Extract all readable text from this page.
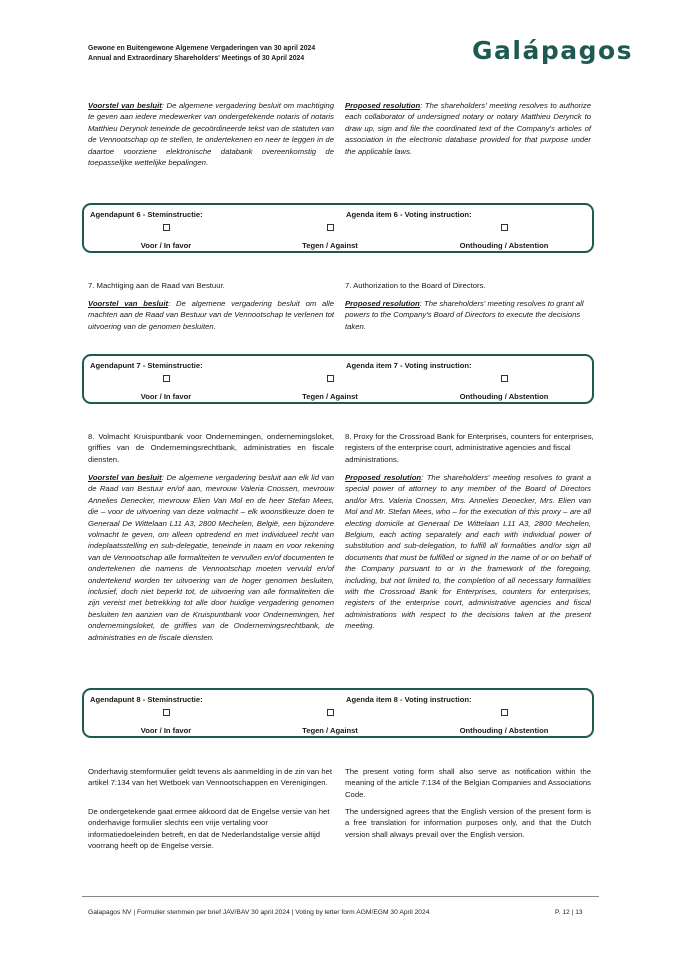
Gewone en Buitengewone Algemene Vergaderingen van 30 april 2024
Annual and Extraordinary Shareholders' Meetings of 30 April 2024	Galápagos
Voorstel van besluit: De algemene vergadering besluit om machtiging te geven aan iedere medewerker van ondergetekende notaris of notaris Matthieu Derynck teneinde de gecoördineerde tekst van de statuten van de Vennootschap op te stellen, te ondertekenen en neer te leggen in de daartoe voorziene elektronische databank overeenkomstig de toepasselijke wettelijke bepalingen.
Proposed resolution: The shareholders' meeting resolves to authorize each collaborator of undersigned notary or notary Matthieu Derynck to draw up, sign and file the coordinated text of the Company's articles of association in the electronic database provided for that purpose under the applicable laws.
Agendapunt 6 - Steminstructie:	Agenda item 6 - Voting instruction:
Voor / In favor	Tegen / Against	Onthouding / Abstention
7. Machtiging aan de Raad van Bestuur.	7. Authorization to the Board of Directors.
Voorstel van besluit: De algemene vergadering besluit om alle machten aan de Raad van Bestuur van de Vennootschap te verlenen tot uitvoering van de genomen besluiten.
Proposed resolution: The shareholders' meeting resolves to grant all powers to the Company's Board of Directors to execute the decisions taken.
Agendapunt 7 - Steminstructie:	Agenda item 7 - Voting instruction:
Voor / In favor	Tegen / Against	Onthouding / Abstention
8. Volmacht Kruispuntbank voor Ondernemingen, ondernemingsloket, griffies van de Ondernemingsrechtbank, administraties en fiscale diensten.
8. Proxy for the Crossroad Bank for Enterprises, counters for enterprises, registers of the enterprise court, administrative agencies and fiscal administrations.
Voorstel van besluit: De algemene vergadering besluit aan elk lid van de Raad van Bestuur en/of aan, mevrouw Valeria Cnossen, mevrouw Annelies Denecker, mevrouw Elien Van Mol en de heer Stefan Mees, die – voor de uitvoering van deze volmacht – elk woonstkeuze doen te Generaal De Wittelaan L11 A3, 2800 Mechelen, België, een bijzondere volmacht te geven, om alleen optredend en met individueel recht van indeplaatsstelling en sub-delegatie, teneinde in naam en voor rekening van de Vennootschap alle formaliteiten te vervullen en/of documenten te ondertekenen die namens de Vennootschap moeten vervuld en/of ondertekend worden ter uitvoering van de hoger genomen besluiten, inclusief, doch niet beperkt tot, de uitvoering van alle formaliteiten die zijn vereist met betrekking tot alle door huidige vergadering genomen besluiten ten aanzien van de Kruispuntbank voor Ondernemingen, het ondernemingsloket, de griffies van de Ondernemingsrechtbank, de administraties en de fiscale diensten.
Proposed resolution: The shareholders' meeting resolves to grant a special power of attorney to any member of the Board of Directors and/or Mrs. Valeria Cnossen, Mrs. Annelies Denecker, Mrs. Elien van Mol and Mr. Stefan Mees, who – for the execution of this proxy – are all electing domicile at Generaal De Wittelaan L11 A3, 2800 Mechelen, Belgium, each acting separately and each with individual power of substitution and sub-delegation, to fulfill all formalities and/or sign all documents that must be fulfilled or signed in the name of or on behalf of the Company pursuant to or in the framework of the foregoing, including, but not limited to, the completion of all necessary formalities with the Crossroad Bank for Enterprises, counters for enterprises, registers of the enterprise court, administrative agencies and fiscal administrations with respect to the decisions taken at the present meeting.
Agendapunt 8 - Steminstructie:	Agenda item 8 - Voting instruction:
Voor / In favor	Tegen / Against	Onthouding / Abstention
Onderhavig stemformulier geldt tevens als aanmelding in de zin van het artikel 7:134 van het Wetboek van Vennootschappen en Verenigingen.
De ondergetekende gaat ermee akkoord dat de Engelse versie van het onderhavige formulier slechts een vrije vertaling voor informatiedoeleinden betreft, en dat de Nederlandstalige versie altijd voorrang heeft op de Engelse versie.
The present voting form shall also serve as notification within the meaning of the article 7:134 of the Belgian Companies and Associations Code.
The undersigned agrees that the English version of the present form is a free translation for information purposes only, and that the Dutch version shall always prevail over the English version.
Galapagos NV | Formulier stemmen per brief JAV/BAV 30 april 2024 | Voting by letter form AGM/EGM 30 April 2024	P. 12 | 13
